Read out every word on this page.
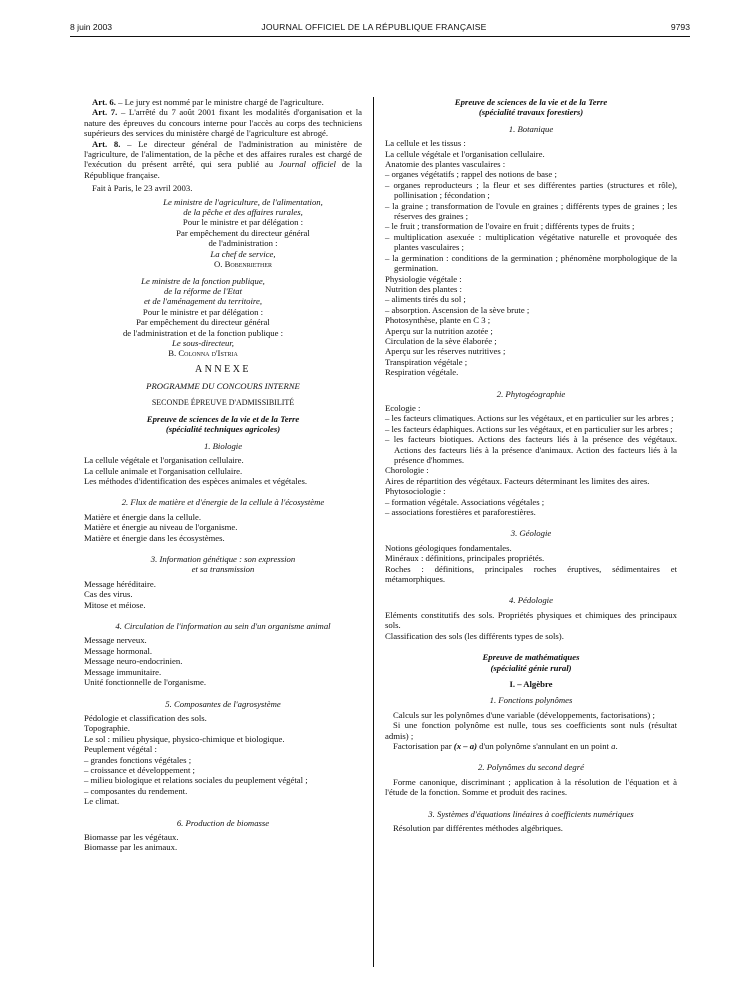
8 juin 2003	JOURNAL OFFICIEL DE LA RÉPUBLIQUE FRANÇAISE	9793

Art. 6. – Le jury est nommé par le ministre chargé de l'agriculture.

Art. 7. – L'arrêté du 7 août 2001 fixant les modalités d'organisation et la nature des épreuves du concours interne pour l'accès au corps des techniciens supérieurs des services du ministère chargé de l'agriculture est abrogé.

Art. 8. – Le directeur général de l'administration au ministère de l'agriculture, de l'alimentation, de la pêche et des affaires rurales est chargé de l'exécution du présent arrêté, qui sera publié au Journal officiel de la République française.

Fait à Paris, le 23 avril 2003.

Le ministre de l'agriculture, de l'alimentation,

de la pêche et des affaires rurales,

Pour le ministre et par délégation :

Par empêchement du directeur général

de l'administration :

La chef de service,

O. Bobenriether

Le ministre de la fonction publique,

de la réforme de l'Etat

et de l'aménagement du territoire,

Pour le ministre et par délégation :

Par empêchement du directeur général

de l'administration et de la fonction publique :

Le sous-directeur,

B. Colonna d'Istria

ANNEXE

PROGRAMME DU CONCOURS INTERNE

SECONDE ÉPREUVE D'ADMISSIBILITÉ

Epreuve de sciences de la vie et de la Terre

(spécialité techniques agricoles)

1. Biologie

La cellule végétale et l'organisation cellulaire.

La cellule animale et l'organisation cellulaire.

Les méthodes d'identification des espèces animales et végétales.

2. Flux de matière et d'énergie de la cellule à l'écosystème

Matière et énergie dans la cellule.

Matière et énergie au niveau de l'organisme.

Matière et énergie dans les écosystèmes.

3. Information génétique : son expression

et sa transmission

Message héréditaire.

Cas des virus.

Mitose et méiose.

4. Circulation de l'information au sein d'un organisme animal

Message nerveux.

Message hormonal.

Message neuro-endocrinien.

Message immunitaire.

Unité fonctionnelle de l'organisme.

5. Composantes de l'agrosystème

Pédologie et classification des sols.

Topographie.

Le sol : milieu physique, physico-chimique et biologique.

Peuplement végétal :

– grandes fonctions végétales ;

– croissance et développement ;

– milieu biologique et relations sociales du peuplement végétal ;

– composantes du rendement.

Le climat.

6. Production de biomasse

Biomasse par les végétaux.

Biomasse par les animaux.

Epreuve de sciences de la vie et de la Terre

(spécialité travaux forestiers)

1. Botanique

La cellule et les tissus :

La cellule végétale et l'organisation cellulaire.

Anatomie des plantes vasculaires :

– organes végétatifs ; rappel des notions de base ;

– organes reproducteurs ; la fleur et ses différentes parties (structures et rôle), pollinisation ; fécondation ;

– la graine ; transformation de l'ovule en graines ; différents types de graines ; les réserves des graines ;

– le fruit ; transformation de l'ovaire en fruit ; différents types de fruits ;

– multiplication asexuée : multiplication végétative naturelle et provoquée des plantes vasculaires ;

– la germination : conditions de la germination ; phénomène morphologique de la germination.

Physiologie végétale :

Nutrition des plantes :

– aliments tirés du sol ;

– absorption. Ascension de la sève brute ;

Photosynthèse, plante en C 3 ;

Aperçu sur la nutrition azotée ;

Circulation de la sève élaborée ;

Aperçu sur les réserves nutritives ;

Transpiration végétale ;

Respiration végétale.

2. Phytogéographie

Ecologie :

– les facteurs climatiques. Actions sur les végétaux, et en particulier sur les arbres ;

– les facteurs édaphiques. Actions sur les végétaux, et en particulier sur les arbres ;

– les facteurs biotiques. Actions des facteurs liés à la présence des végétaux. Actions des facteurs liés à la présence d'animaux. Action des facteurs liés à la présence d'hommes.

Chorologie :

Aires de répartition des végétaux. Facteurs déterminant les limites des aires.

Phytosociologie :

– formation végétale. Associations végétales ;

– associations forestières et paraforestières.

3. Géologie

Notions géologiques fondamentales.

Minéraux : définitions, principales propriétés.

Roches : définitions, principales roches éruptives, sédimentaires et métamorphiques.

4. Pédologie

Eléments constitutifs des sols. Propriétés physiques et chimiques des principaux sols.

Classification des sols (les différents types de sols).

Epreuve de mathématiques

(spécialité génie rural)

I. – Algèbre

1. Fonctions polynômes

Calculs sur les polynômes d'une variable (développements, factorisations) ;

Si une fonction polynôme est nulle, tous ses coefficients sont nuls (résultat admis) ;

Factorisation par (x – a) d'un polynôme s'annulant en un point a.

2. Polynômes du second degré

Forme canonique, discriminant ; application à la résolution de l'équation et à l'étude de la fonction. Somme et produit des racines.

3. Systèmes d'équations linéaires à coefficients numériques

Résolution par différentes méthodes algébriques.
